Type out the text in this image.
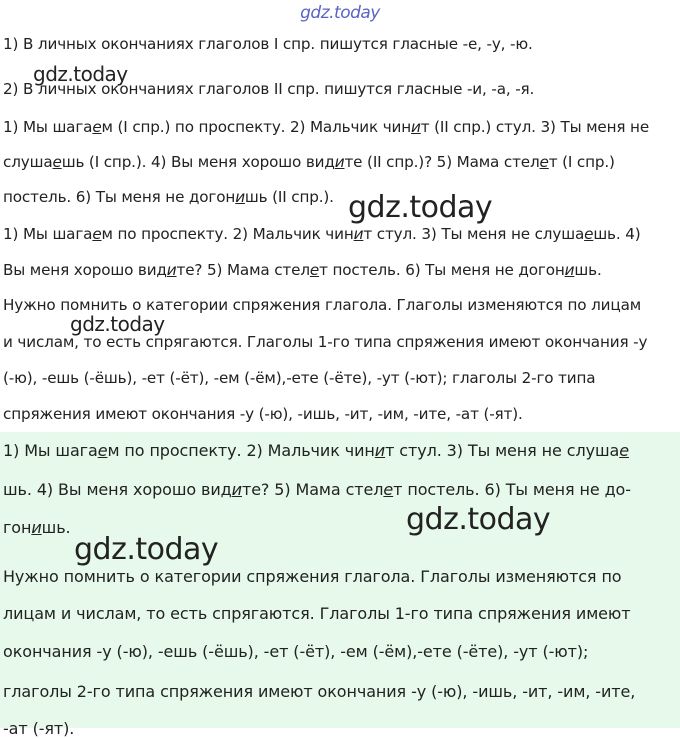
gdz.today
1) В личных окончаниях глаголов I спр. пишутся гласные -е, -у, -ю.
2) В личных окончаниях глаголов II спр. пишутся гласные -и, -а, -я.
1) Мы шагаем (I спр.) по проспекту. 2) Мальчик чинит (II спр.) стул. 3) Ты меня не
слушаешь (I спр.). 4) Вы меня хорошо видите (II спр.)? 5) Мама стелет (I спр.)
постель. 6) Ты меня не догонишь (II спр.).
1) Мы шагаем по проспекту. 2) Мальчик чинит стул. 3) Ты меня не слушаешь. 4)
Вы меня хорошо видите? 5) Мама стелет постель. 6) Ты меня не догонишь.
Нужно помнить о категории спряжения глагола. Глаголы изменяются по лицам
и числам, то есть спрягаются. Глаголы 1-го типа спряжения имеют окончания -у
(-ю), -ешь (-ёшь), -ет (-ёт), -ем (-ём),-ете (-ёте), -ут (-ют); глаголы 2-го типа
спряжения имеют окончания -у (-ю), -ишь, -ит, -им, -ите, -ат (-ят).
1) Мы шагаем по проспекту. 2) Мальчик чинит стул. 3) Ты меня не слушае
шь. 4) Вы меня хорошо видите? 5) Мама стелет постель. 6) Ты меня не до-
гонишь.
Нужно помнить о категории спряжения глагола. Глаголы изменяются по
лицам и числам, то есть спрягаются. Глаголы 1-го типа спряжения имеют
окончания -у (-ю), -ешь (-ёшь), -ет (-ёт), -ем (-ём),-ете (-ёте), -ут (-ют);
глаголы 2-го типа спряжения имеют окончания -у (-ю), -ишь, -ит, -им, -ите,
-ат (-ят).
gdz.today
gdz.today
gdz.today
gdz.today
gdz.today
